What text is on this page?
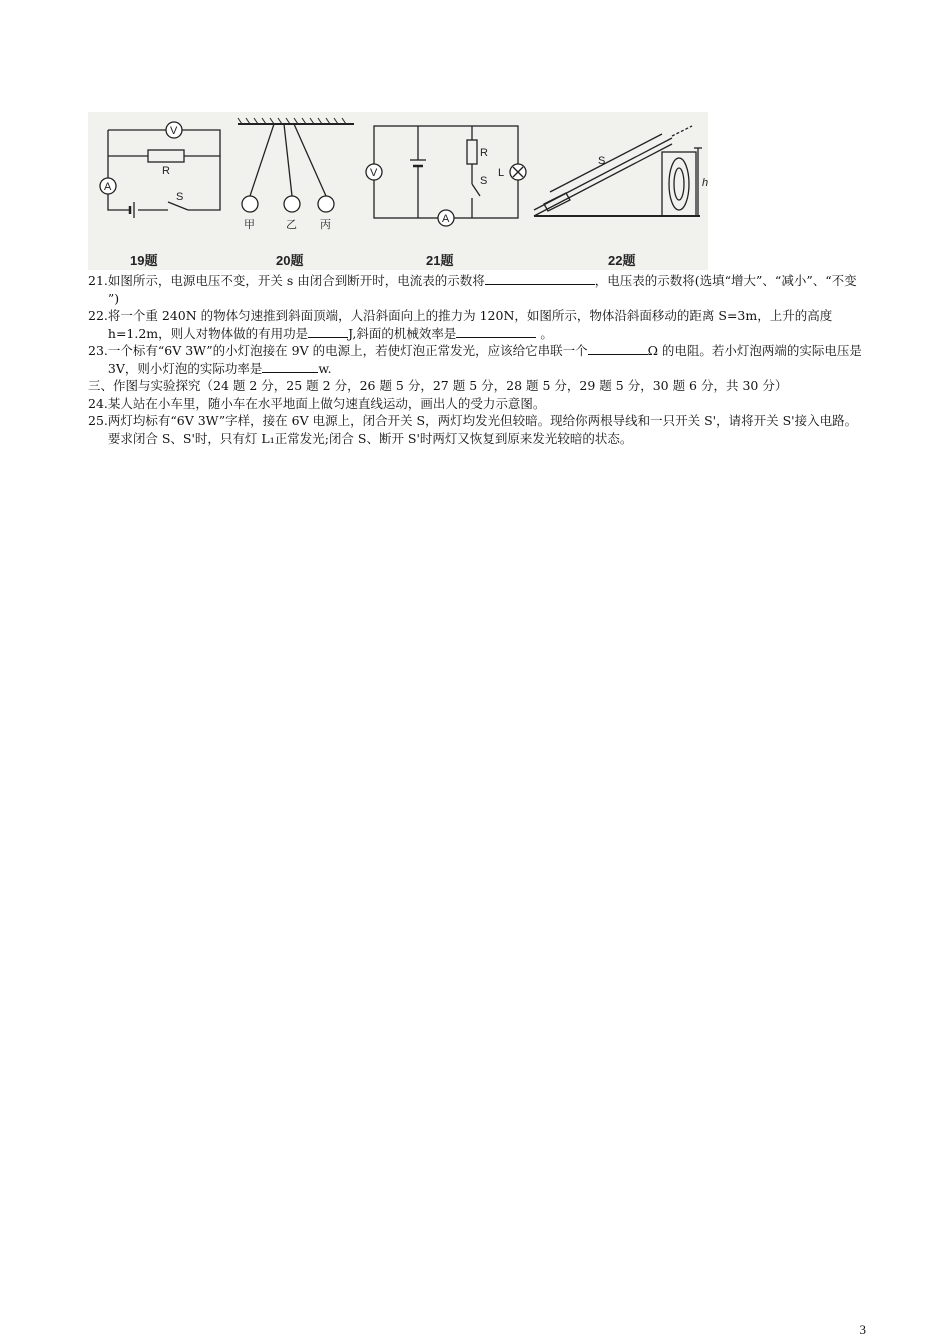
V
A
R
S
甲	乙 丙
V
A
R
S
L
S
h
19题	20题	21题	22题
21. 如图所示，电源电压不变，开关 s 由闭合到断开时，电流表的示数将	，电压表的示数将(选填“增大”、“减小”、“不变 ”)
22. 将一个重 240N 的物体匀速推到斜面顶端，人沿斜面向上的推力为 120N，如图所示，物体沿斜面移动的距离 S=3m，上升的高度 h=1.2m，则人对物体做的有用功是	J,斜面的机械效率是	。
23. 一个标有“6V 3W”的小灯泡接在 9V 的电源上，若使灯泡正常发光，应该给它串联一个	Ω 的电阻。若小灯泡两端的实际电压是 3V，则小灯泡的实际功率是	w.
三、 作图与实验探究（24 题 2 分，25 题 2 分，26 题 5 分，27 题 5 分，28 题 5 分，29 题 5 分，30 题 6 分，共 30 分）
24. 某人站在小车里，随小车在水平地面上做匀速直线运动，画出人的受力示意图。
25. 两灯均标有“6V 3W”字样，接在 6V 电源上，闭合开关 S，两灯均发光但较暗。现给你两根导线和一只开关 S'，请将开关 S'接入电路。要求闭合 S、S'时，只有灯 L₁正常发光;闭合 S、断开 S'时两灯又恢复到原来发光较暗的状态。
3
